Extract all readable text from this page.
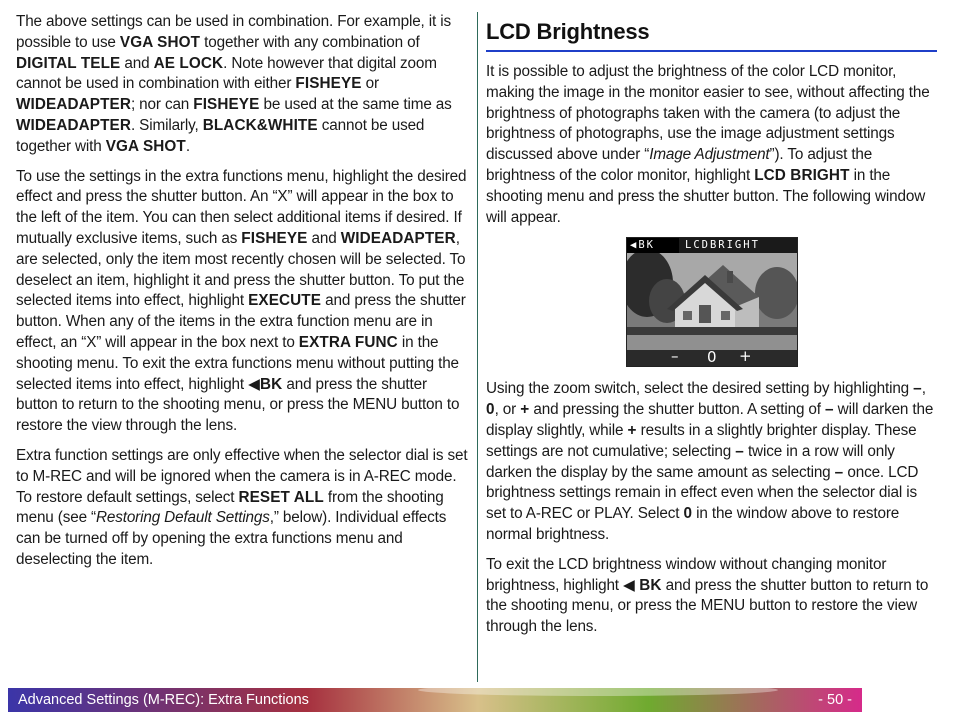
The above settings can be used in combination. For example, it is possible to use VGA SHOT together with any combination of DIGITAL TELE and AE LOCK. Note however that digital zoom cannot be used in combination with either FISHEYE or WIDEADAPTER; nor can FISHEYE be used at the same time as WIDEADAPTER. Similarly, BLACK&WHITE cannot be used together with VGA SHOT.

To use the settings in the extra functions menu, highlight the desired effect and press the shutter button. An “X” will appear in the box to the left of the item. You can then select additional items if desired. If mutually exclusive items, such as FISHEYE and WIDEADAPTER, are selected, only the item most recently chosen will be selected. To deselect an item, highlight it and press the shutter button. To put the selected items into effect, highlight EXECUTE and press the shutter button. When any of the items in the extra function menu are in effect, an “X” will appear in the box next to EXTRA FUNC in the shooting menu. To exit the extra functions menu without putting the selected items into effect, highlight ◀BK and press the shutter button to return to the shooting menu, or press the MENU button to restore the view through the lens.

Extra function settings are only effective when the selector dial is set to M-REC and will be ignored when the camera is in A-REC mode. To restore default settings, select RESET ALL from the shooting menu (see “Restoring Default Settings,” below). Individual effects can be turned off by opening the extra functions menu and deselecting the item.

LCD Brightness

It is possible to adjust the brightness of the color LCD monitor, making the image in the monitor easier to see, without affecting the brightness of photographs taken with the camera (to adjust the brightness of photographs, use the image adjustment settings discussed above under “Image Adjustment”). To adjust the brightness of the color monitor, highlight LCD BRIGHT in the shooting menu and press the shutter button. The following window will appear.

◀BK	LCDBRIGHT
– 0 +

Using the zoom switch, select the desired setting by highlighting –, 0, or + and pressing the shutter button. A setting of – will darken the display slightly, while + results in a slightly brighter display. These settings are not cumulative; selecting – twice in a row will only darken the display by the same amount as selecting – once. LCD brightness settings remain in effect even when the selector dial is set to A-REC or PLAY. Select 0 in the window above to restore normal brightness.

To exit the LCD brightness window without changing monitor brightness, highlight ◀ BK and press the shutter button to return to the shooting menu, or press the MENU button to restore the view through the lens.

Advanced Settings (M-REC): Extra Functions	- 50 -
